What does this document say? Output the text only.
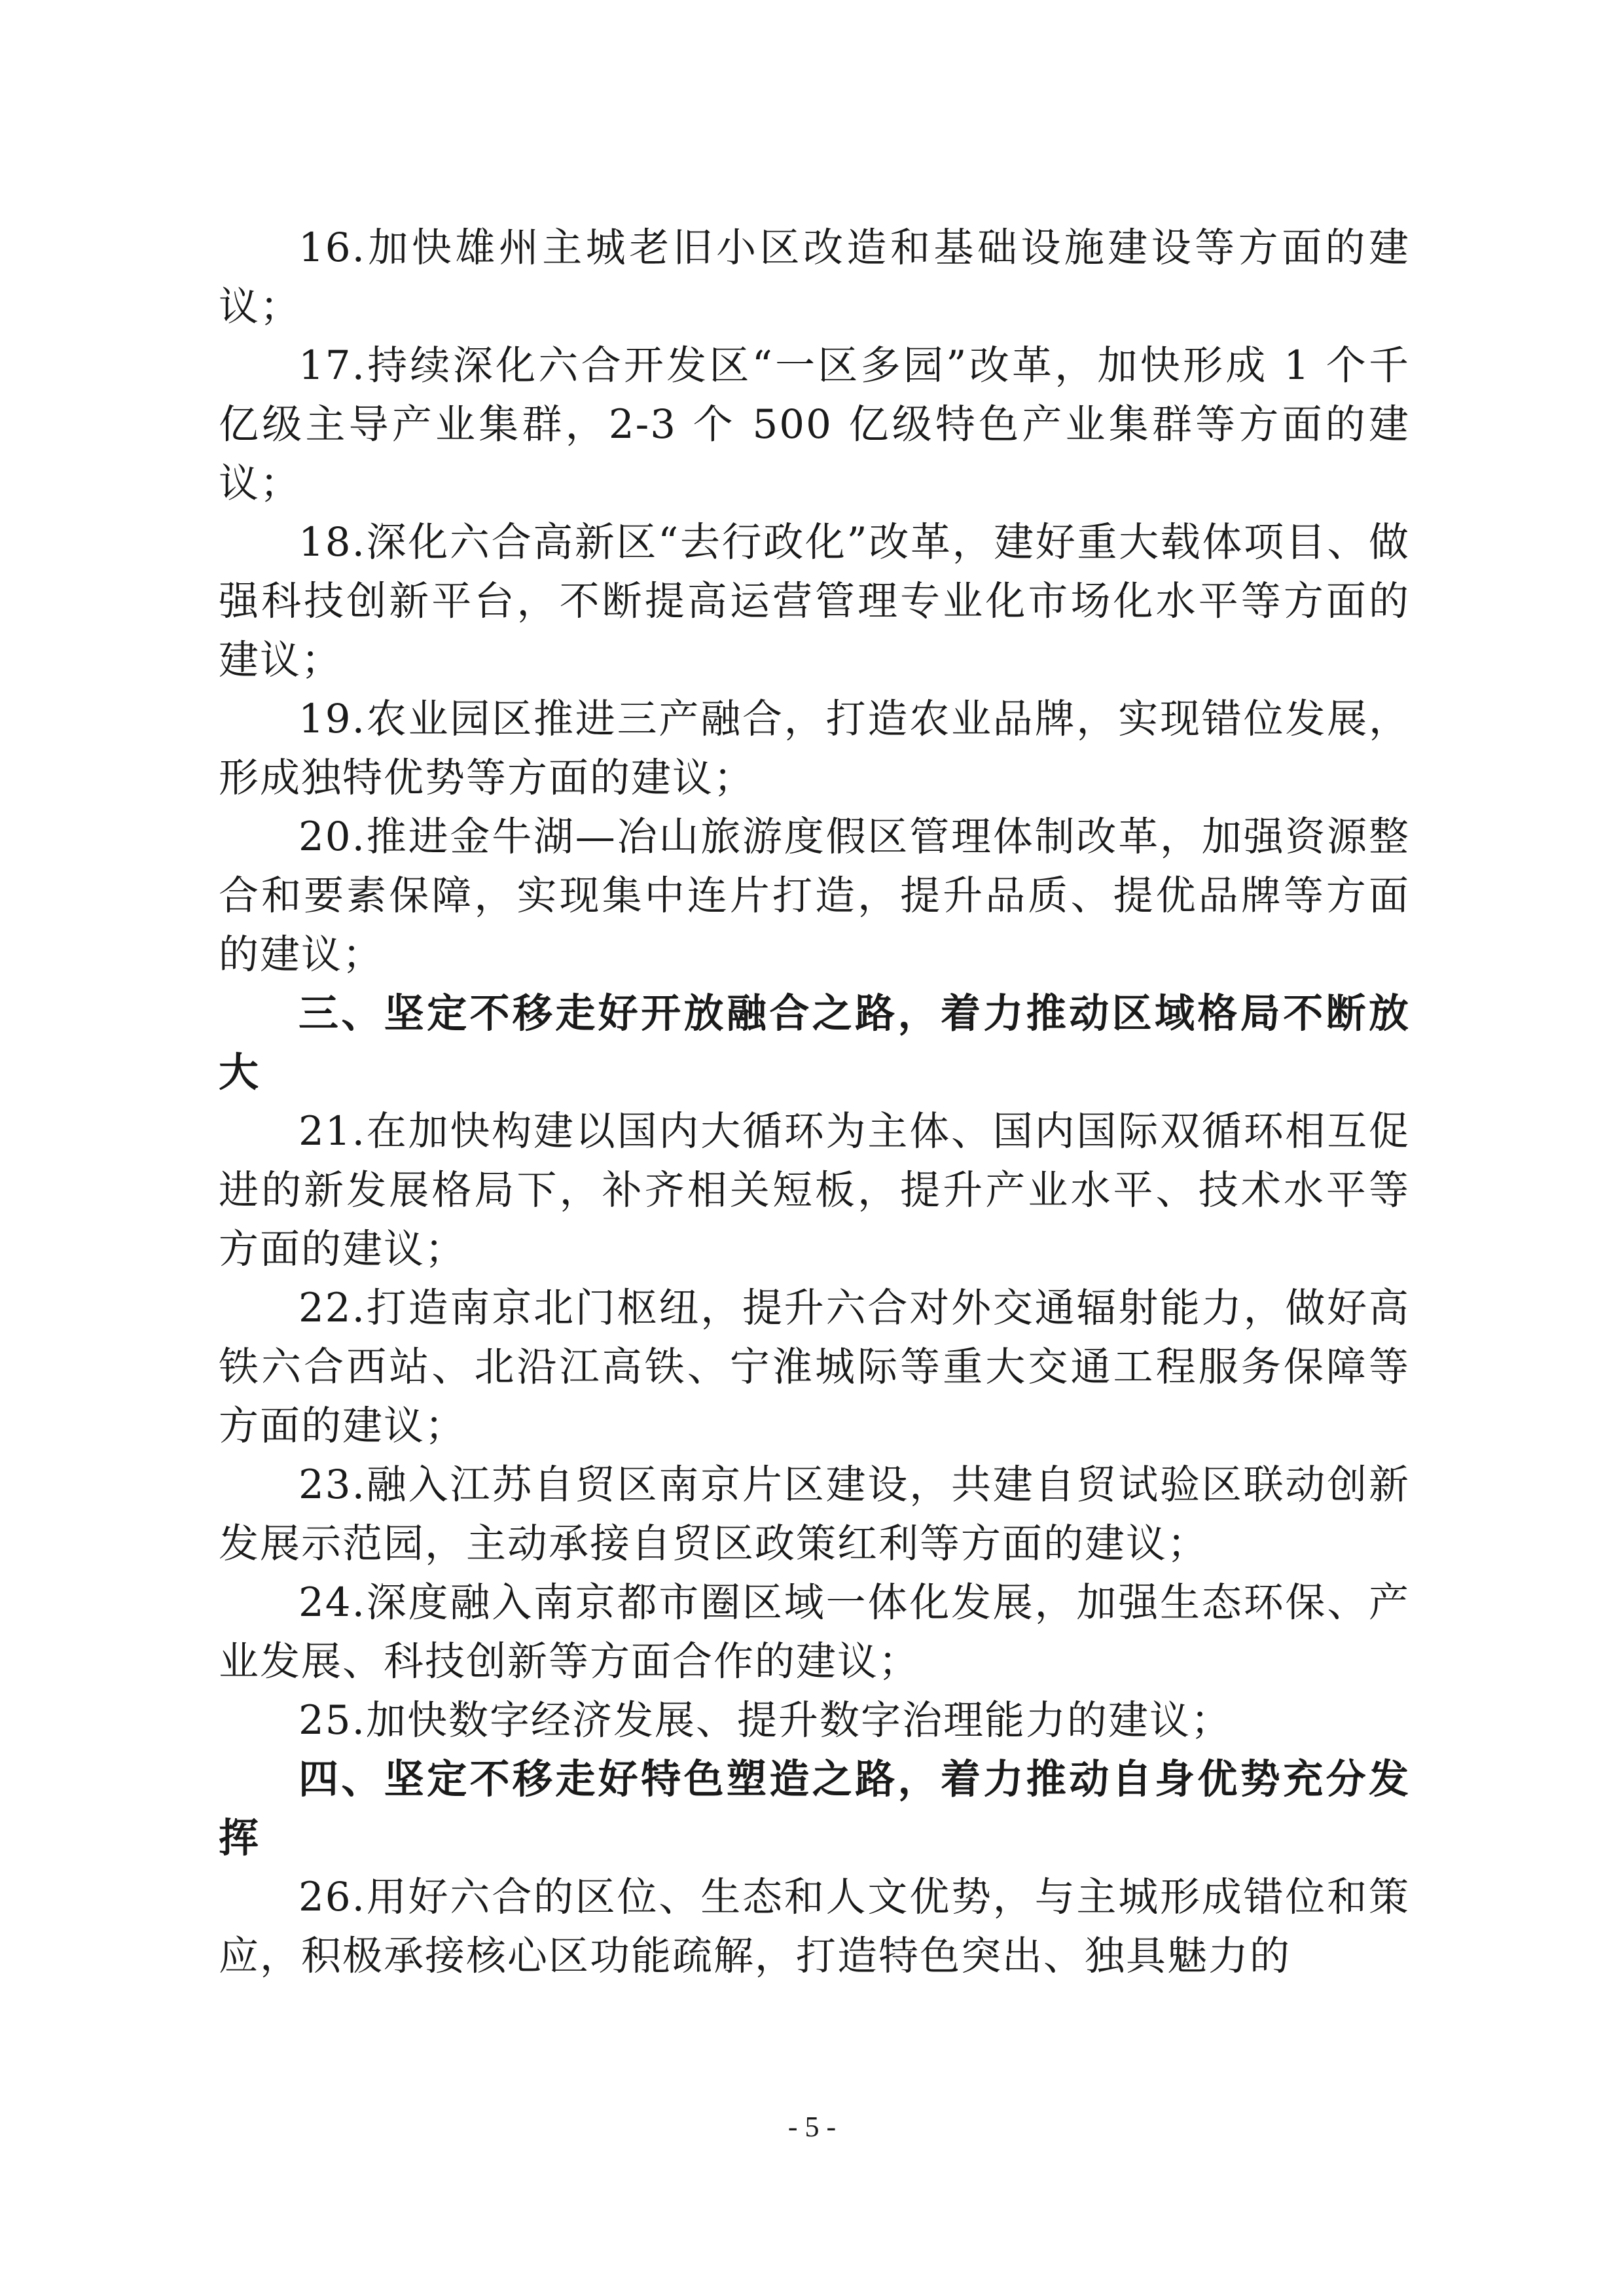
16.加快雄州主城老旧小区改造和基础设施建设等方面的建议；

17.持续深化六合开发区“一区多园”改革，加快形成 1 个千亿级主导产业集群，2-3 个 500 亿级特色产业集群等方面的建议；

18.深化六合高新区“去行政化”改革，建好重大载体项目、做强科技创新平台，不断提高运营管理专业化市场化水平等方面的建议；

19.农业园区推进三产融合，打造农业品牌，实现错位发展，形成独特优势等方面的建议；

20.推进金牛湖—冶山旅游度假区管理体制改革，加强资源整合和要素保障，实现集中连片打造，提升品质、提优品牌等方面的建议；

三、坚定不移走好开放融合之路，着力推动区域格局不断放大

21.在加快构建以国内大循环为主体、国内国际双循环相互促进的新发展格局下，补齐相关短板，提升产业水平、技术水平等方面的建议；

22.打造南京北门枢纽，提升六合对外交通辐射能力，做好高铁六合西站、北沿江高铁、宁淮城际等重大交通工程服务保障等方面的建议；

23.融入江苏自贸区南京片区建设，共建自贸试验区联动创新发展示范园，主动承接自贸区政策红利等方面的建议；

24.深度融入南京都市圈区域一体化发展，加强生态环保、产业发展、科技创新等方面合作的建议；

25.加快数字经济发展、提升数字治理能力的建议；

四、坚定不移走好特色塑造之路，着力推动自身优势充分发挥

26.用好六合的区位、生态和人文优势，与主城形成错位和策应，积极承接核心区功能疏解，打造特色突出、独具魅力的

- 5 -
